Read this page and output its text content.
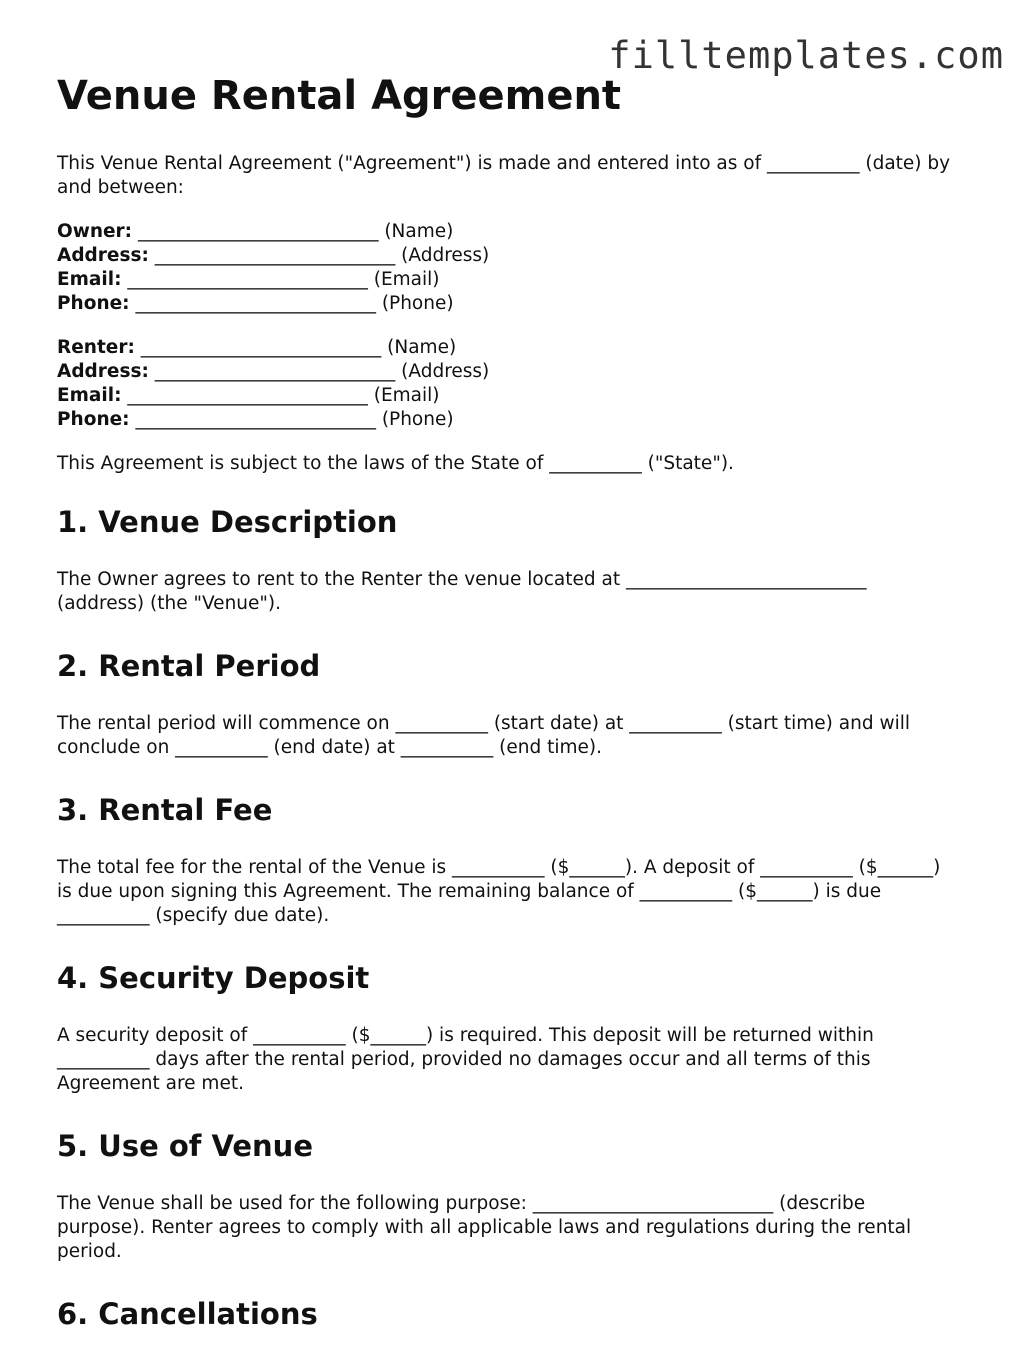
filltemplates.com
Venue Rental Agreement

This Venue Rental Agreement ("Agreement") is made and entered into as of __________ (date) by and between:

Owner: __________________________ (Name)
Address: __________________________ (Address)
Email: __________________________ (Email)
Phone: __________________________ (Phone)
Renter: __________________________ (Name)
Address: __________________________ (Address)
Email: __________________________ (Email)
Phone: __________________________ (Phone)

This Agreement is subject to the laws of the State of __________ ("State").

1. Venue Description

The Owner agrees to rent to the Renter the venue located at __________________________ (address) (the "Venue").

2. Rental Period

The rental period will commence on __________ (start date) at __________ (start time) and will conclude on __________ (end date) at __________ (end time).

3. Rental Fee

The total fee for the rental of the Venue is __________ ($______). A deposit of __________ ($______) is due upon signing this Agreement. The remaining balance of __________ ($______) is due __________ (specify due date).

4. Security Deposit

A security deposit of __________ ($______) is required. This deposit will be returned within __________ days after the rental period, provided no damages occur and all terms of this Agreement are met.

5. Use of Venue

The Venue shall be used for the following purpose: __________________________ (describe purpose). Renter agrees to comply with all applicable laws and regulations during the rental period.

6. Cancellations
